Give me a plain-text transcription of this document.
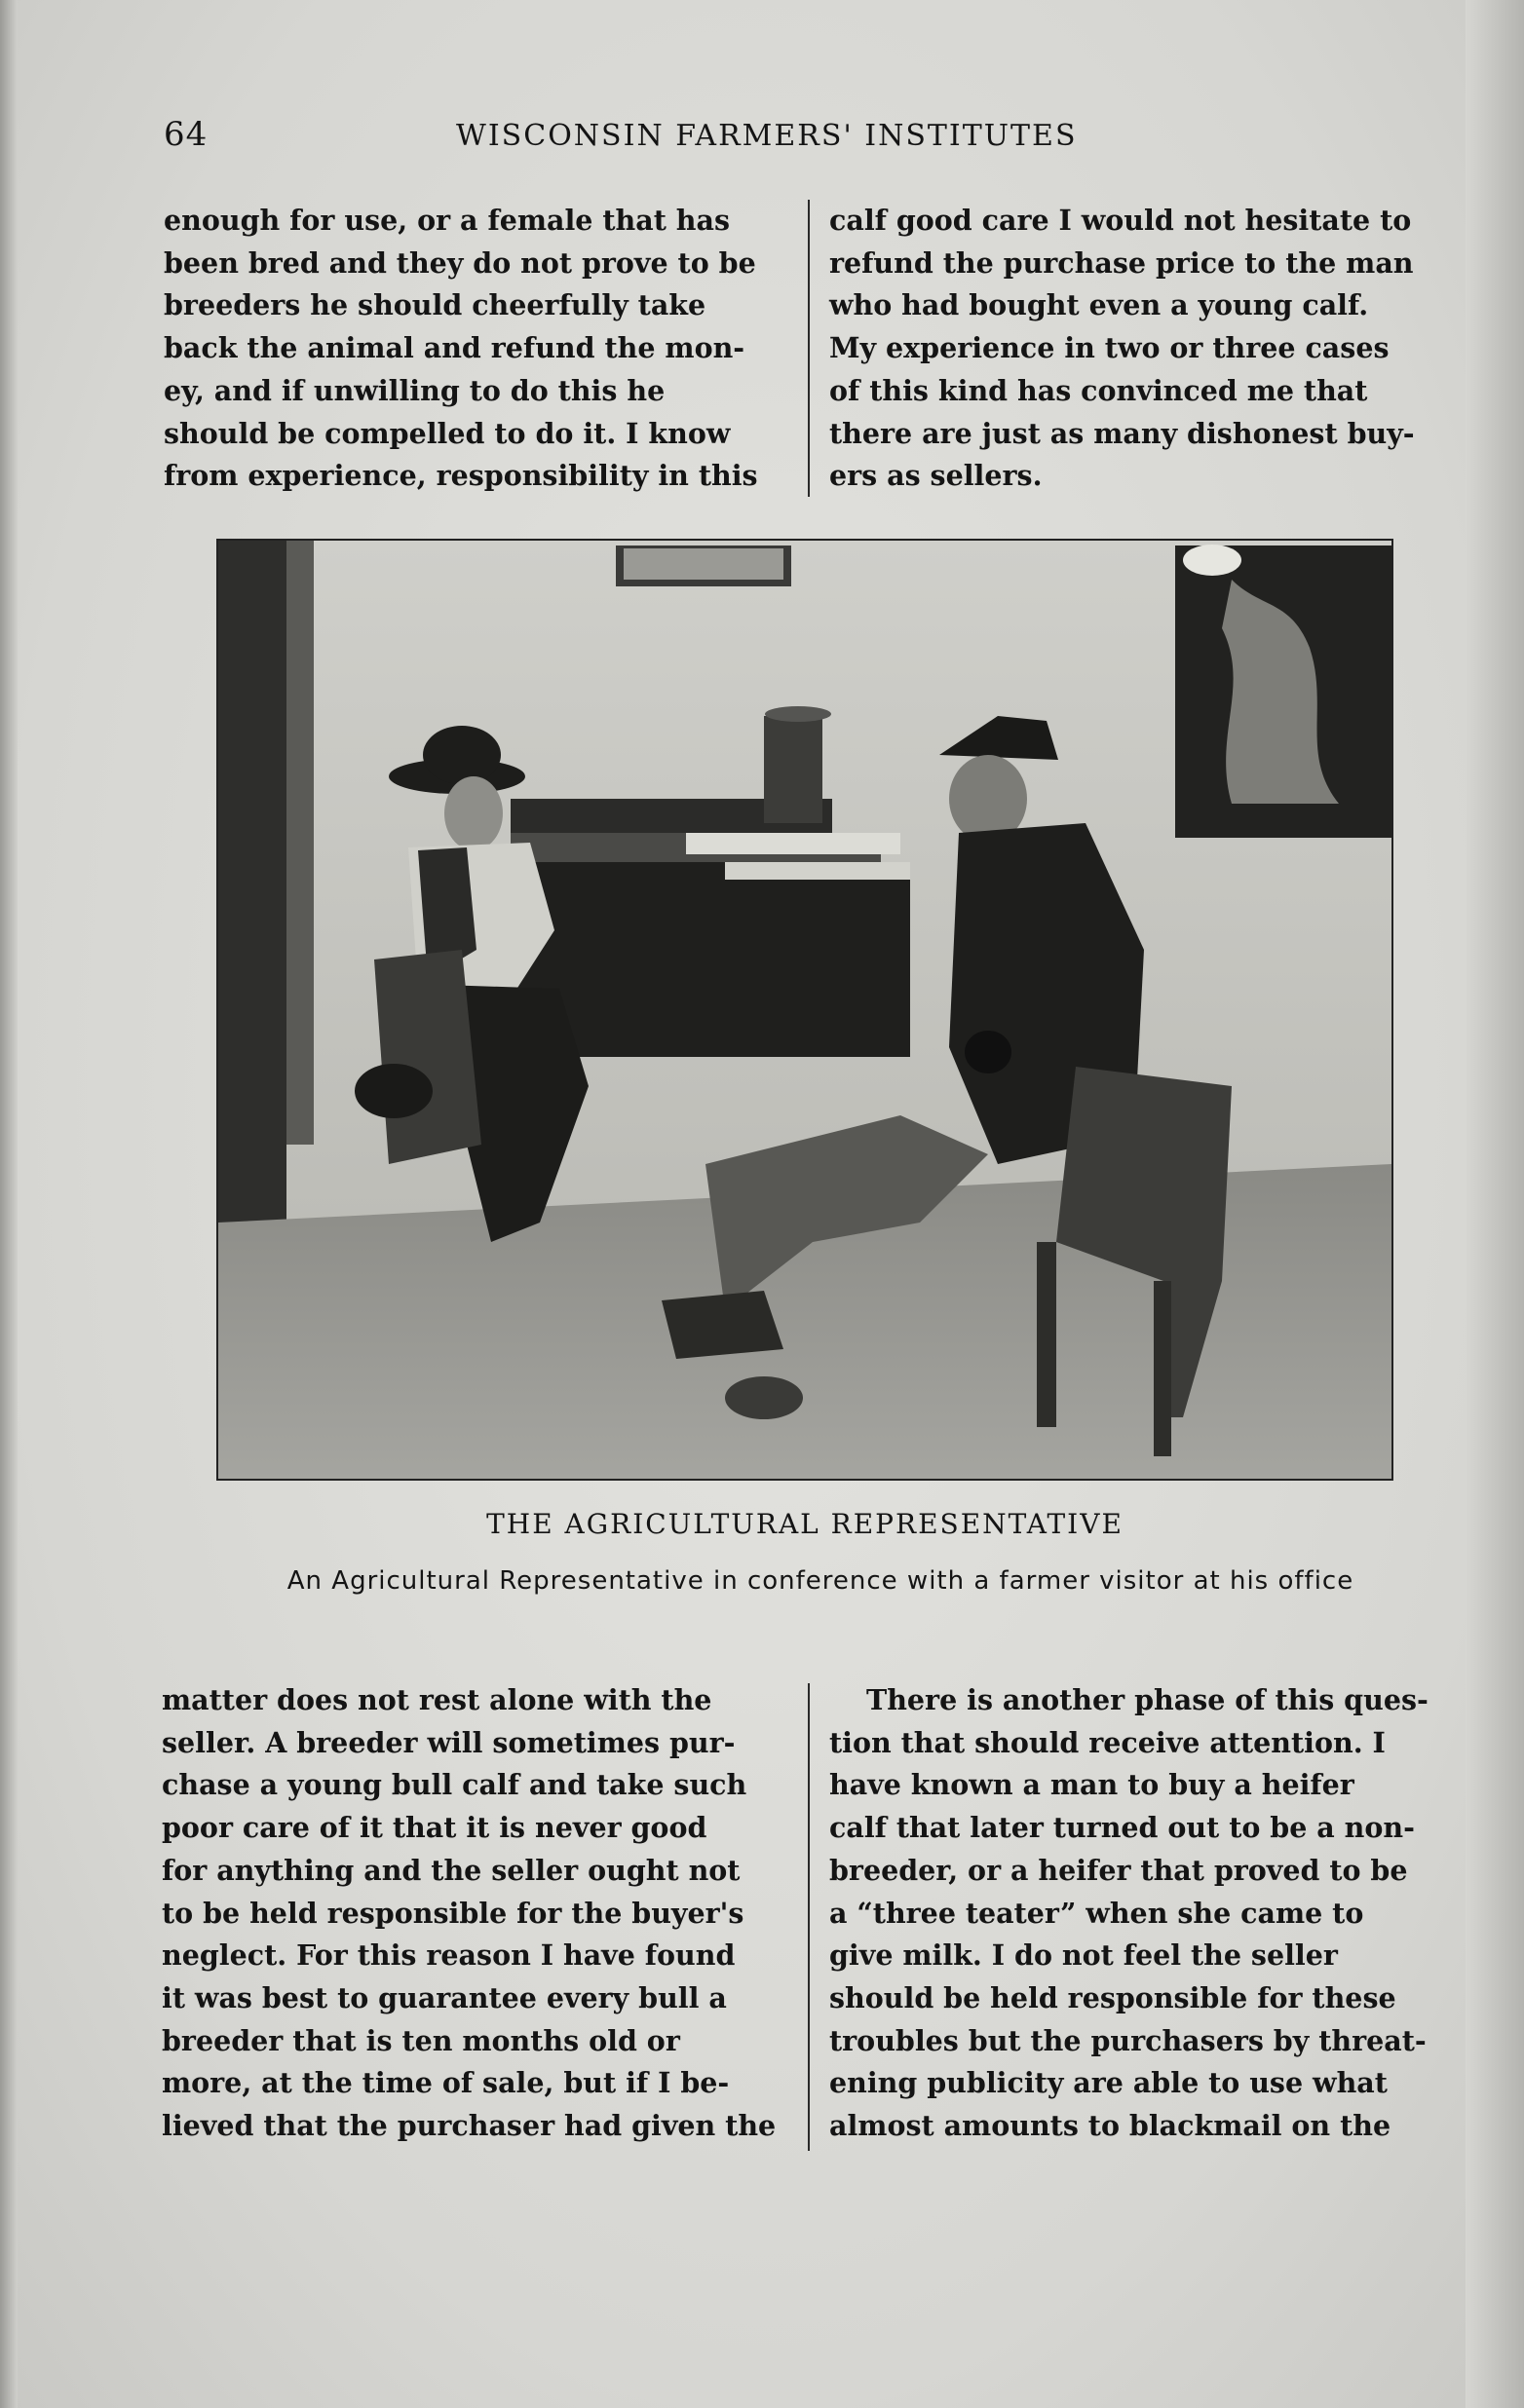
64	WISCONSIN FARMERS' INSTITUTES
enough for use, or a female that has
been bred and they do not prove to be
breeders he should cheerfully take
back the animal and refund the mon-
ey, and if unwilling to do this he
should be compelled to do it. I know
from experience, responsibility in this
calf good care I would not hesitate to
refund the purchase price to the man
who had bought even a young calf.
My experience in two or three cases
of this kind has convinced me that
there are just as many dishonest buy-
ers as sellers.
THE AGRICULTURAL REPRESENTATIVE
An Agricultural Representative in conference with a farmer visitor at his office
matter does not rest alone with the
seller. A breeder will sometimes pur-
chase a young bull calf and take such
poor care of it that it is never good
for anything and the seller ought not
to be held responsible for the buyer's
neglect. For this reason I have found
it was best to guarantee every bull a
breeder that is ten months old or
more, at the time of sale, but if I be-
lieved that the purchaser had given the
There is another phase of this ques-
tion that should receive attention. I
have known a man to buy a heifer
calf that later turned out to be a non-
breeder, or a heifer that proved to be
a “three teater” when she came to
give milk. I do not feel the seller
should be held responsible for these
troubles but the purchasers by threat-
ening publicity are able to use what
almost amounts to blackmail on the
